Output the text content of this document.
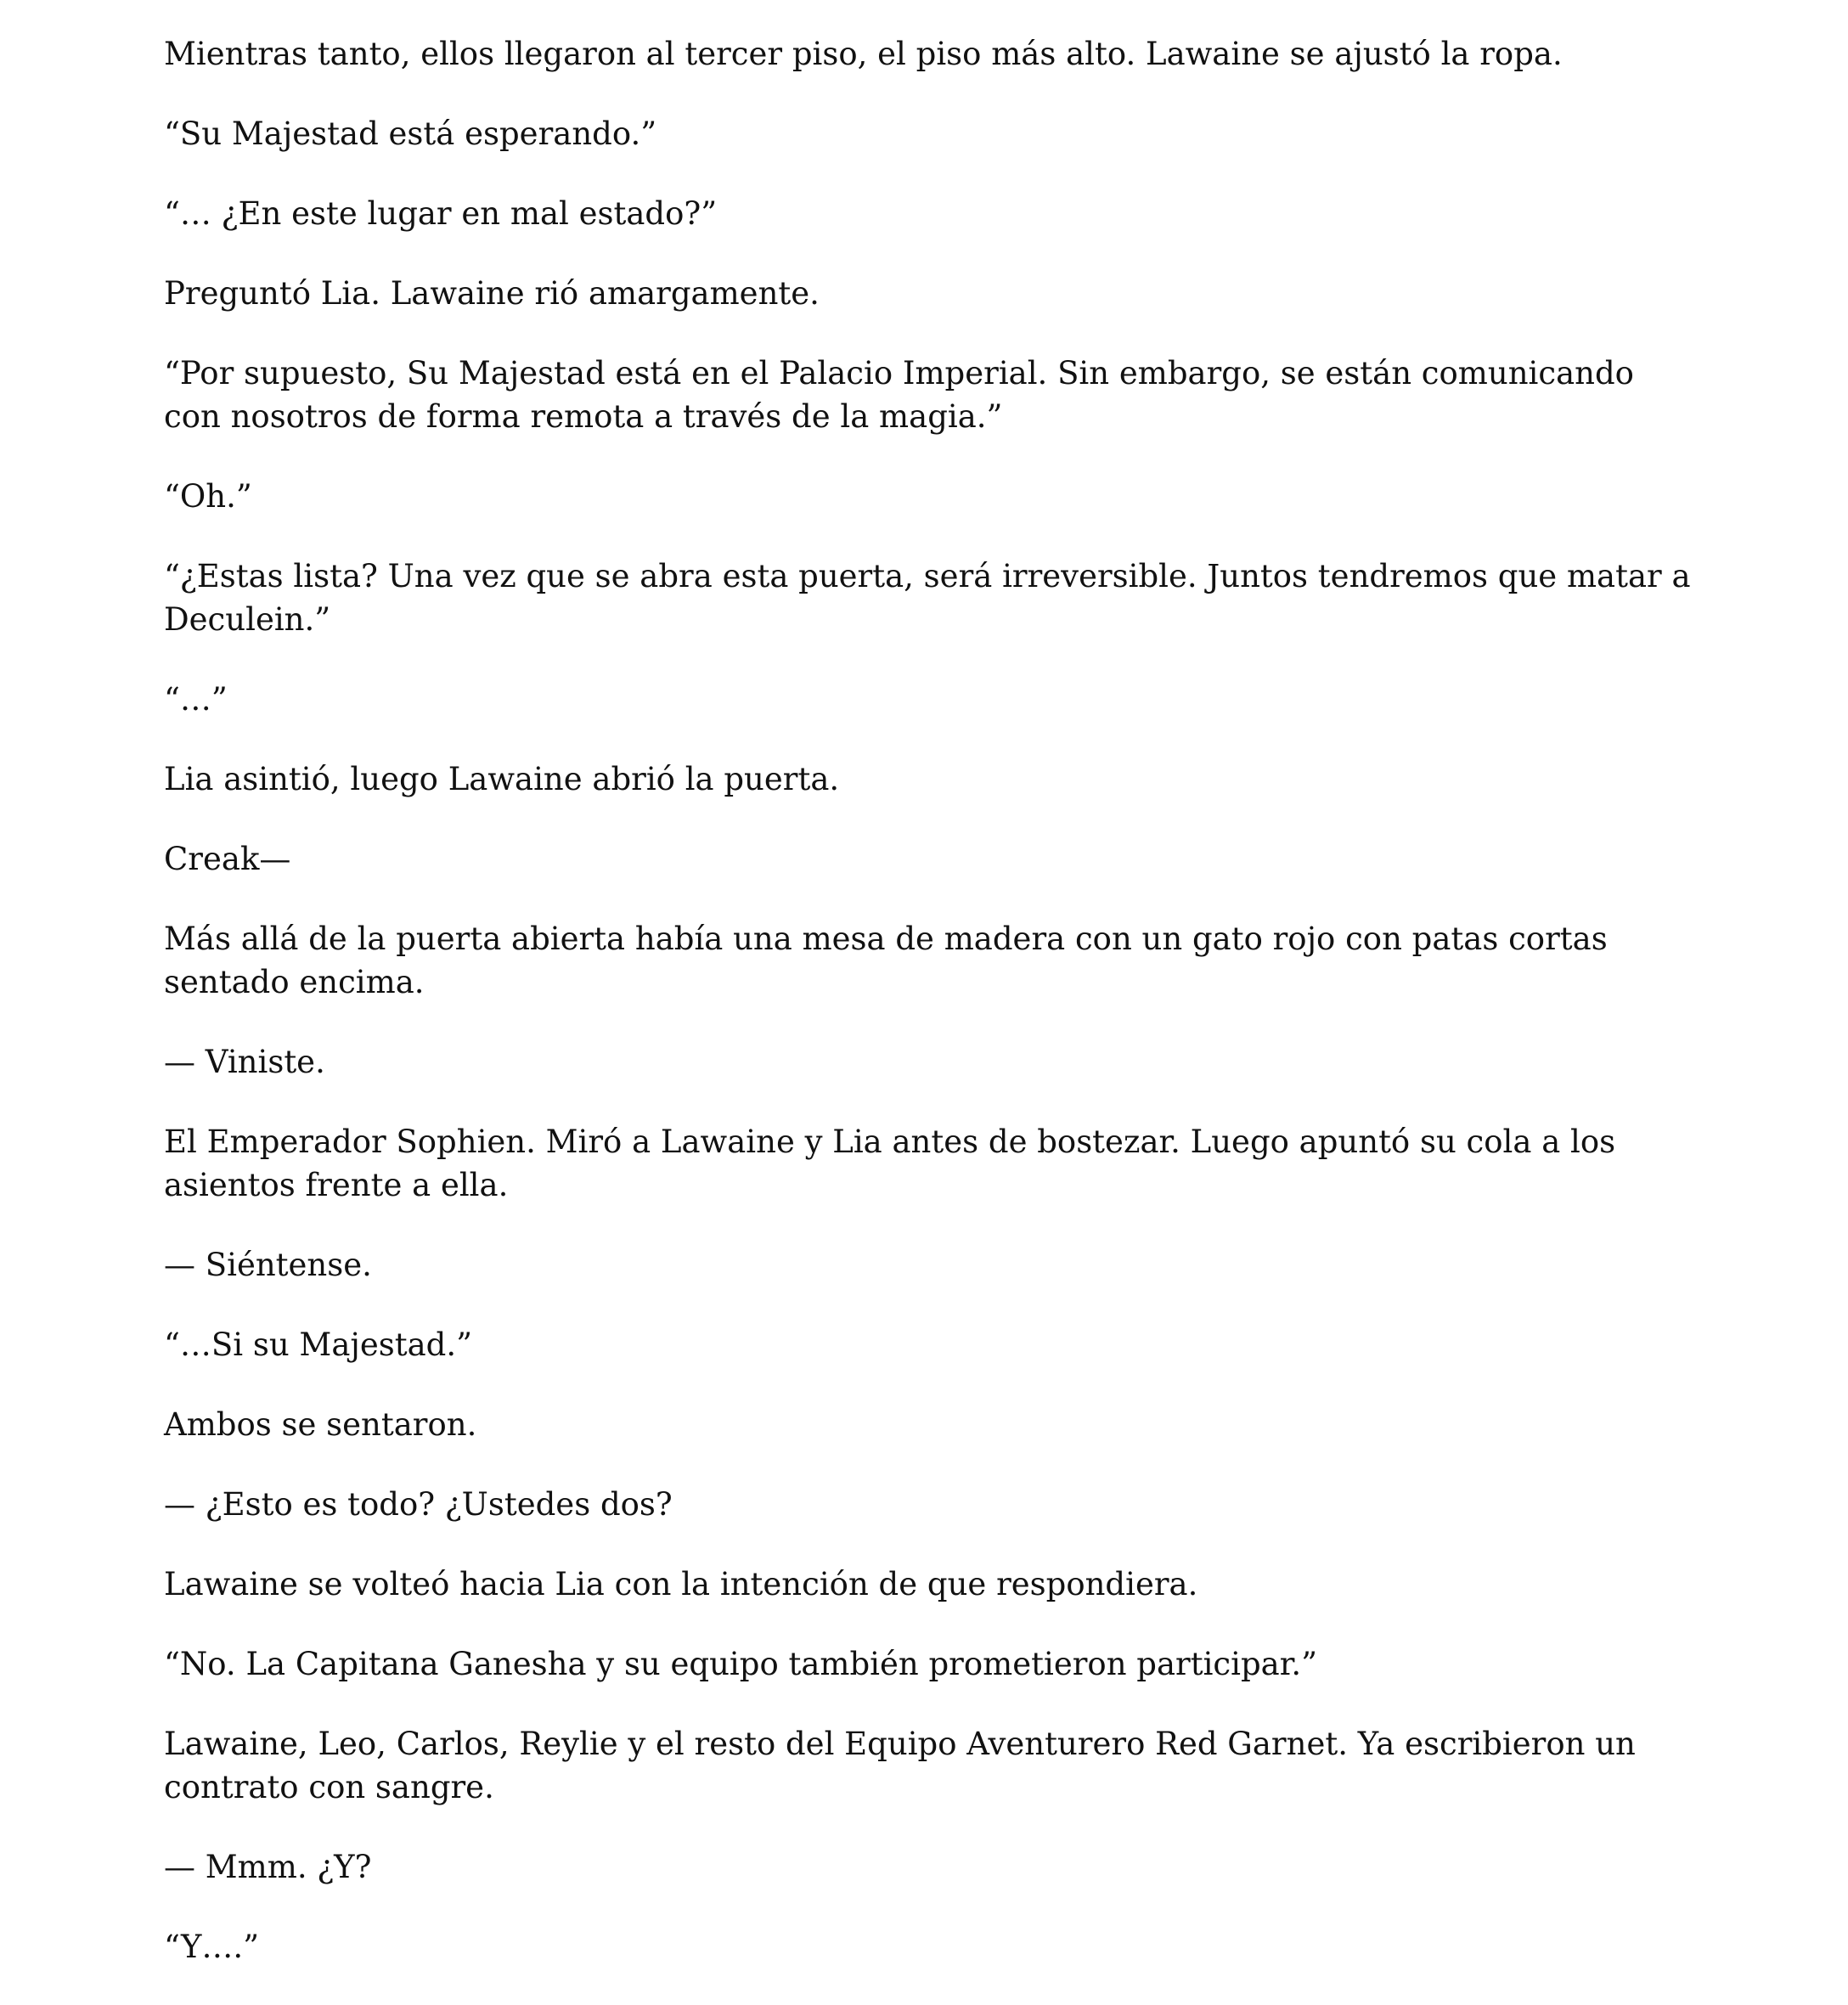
Mientras tanto, ellos llegaron al tercer piso, el piso más alto. Lawaine se ajustó la ropa.

“Su Majestad está esperando.”

“… ¿En este lugar en mal estado?”

Preguntó Lia. Lawaine rió amargamente.

“Por supuesto, Su Majestad está en el Palacio Imperial. Sin embargo, se están comunicando con nosotros de forma remota a través de la magia.”

“Oh.”

“¿Estas lista? Una vez que se abra esta puerta, será irreversible. Juntos tendremos que matar a Deculein.”

“…”

Lia asintió, luego Lawaine abrió la puerta.

Creak—

Más allá de la puerta abierta había una mesa de madera con un gato rojo con patas cortas sentado encima.

— Viniste.

El Emperador Sophien. Miró a Lawaine y Lia antes de bostezar. Luego apuntó su cola a los asientos frente a ella.

— Siéntense.

“…Si su Majestad.”

Ambos se sentaron.

— ¿Esto es todo? ¿Ustedes dos?

Lawaine se volteó hacia Lia con la intención de que respondiera.

“No. La Capitana Ganesha y su equipo también prometieron participar.”

Lawaine, Leo, Carlos, Reylie y el resto del Equipo Aventurero Red Garnet. Ya escribieron un contrato con sangre.

— Mmm. ¿Y?

“Y….”
